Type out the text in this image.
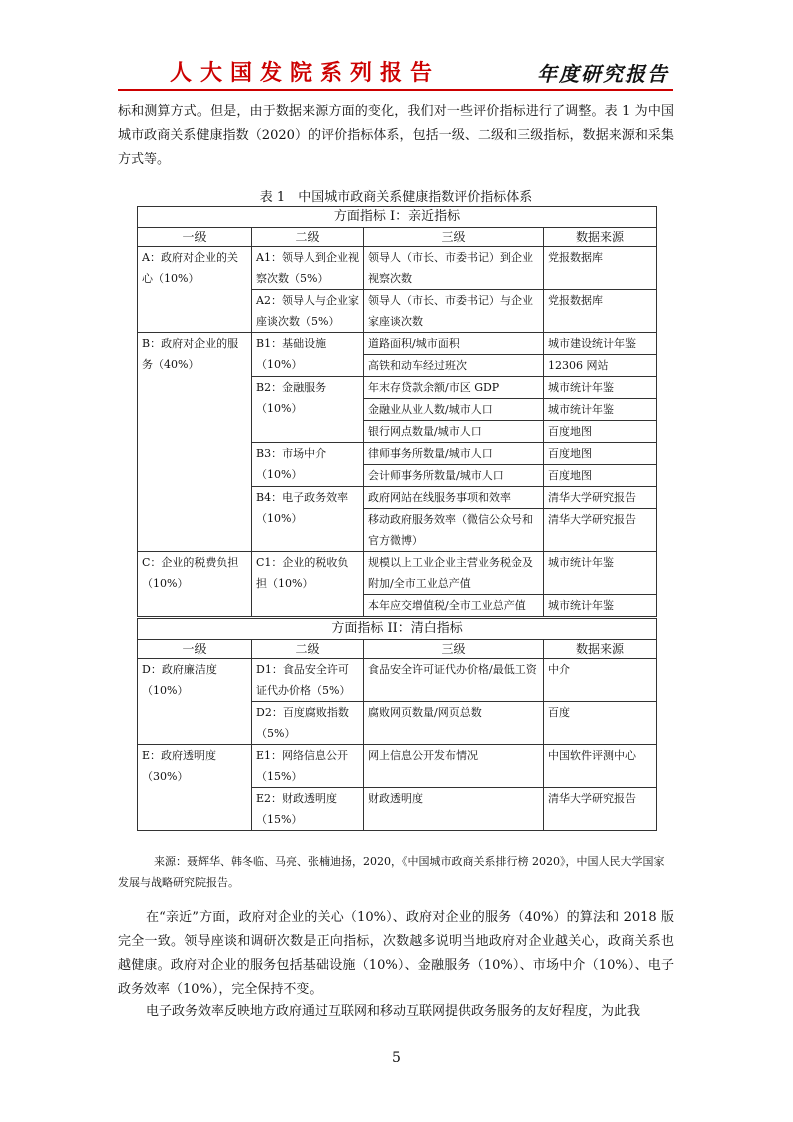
人大国发院系列报告	年度研究报告

标和测算方式。但是，由于数据来源方面的变化，我们对一些评价指标进行了调整。表 1 为中国城市政商关系健康指数（2020）的评价指标体系，包括一级、二级和三级指标，数据来源和采集方式等。

表 1　中国城市政商关系健康指数评价指标体系
方面指标 I：亲近指标			
一级	二级	三级	数据来源
A：政府对企业的关心（10%）	A1：领导人到企业视察次数（5%）	领导人（市长、市委书记）到企业视察次数	党报数据库
	A2：领导人与企业家座谈次数（5%）	领导人（市长、市委书记）与企业家座谈次数	党报数据库
B：政府对企业的服务（40%）	B1：基础设施（10%）	道路面积/城市面积	城市建设统计年鉴
		高铁和动车经过班次	12306 网站
	B2：金融服务（10%）	年末存贷款余额/市区 GDP	城市统计年鉴
		金融业从业人数/城市人口	城市统计年鉴
		银行网点数量/城市人口	百度地图
	B3：市场中介（10%）	律师事务所数量/城市人口	百度地图
		会计师事务所数量/城市人口	百度地图
	B4：电子政务效率（10%）	政府网站在线服务事项和效率	清华大学研究报告
		移动政府服务效率（微信公众号和官方微博）	清华大学研究报告
C：企业的税费负担（10%）	C1：企业的税收负担（10%）	规模以上工业企业主营业务税金及附加/全市工业总产值	城市统计年鉴
		本年应交增值税/全市工业总产值	城市统计年鉴
方面指标 II：清白指标			
一级	二级	三级	数据来源
D：政府廉洁度（10%）	D1：食品安全许可证代办价格（5%）	食品安全许可证代办价格/最低工资	中介
	D2：百度腐败指数（5%）	腐败网页数量/网页总数	百度
E：政府透明度（30%）	E1：网络信息公开（15%）	网上信息公开发布情况	中国软件评测中心
	E2：财政透明度（15%）	财政透明度	清华大学研究报告

来源：聂辉华、韩冬临、马亮、张楠迪扬，2020，《中国城市政商关系排行榜 2020》，中国人民大学国家发展与战略研究院报告。

在“亲近”方面，政府对企业的关心（10%）、政府对企业的服务（40%）的算法和 2018 版完全一致。领导座谈和调研次数是正向指标，次数越多说明当地政府对企业越关心，政商关系也越健康。政府对企业的服务包括基础设施（10%）、金融服务（10%）、市场中介（10%）、电子政务效率（10%），完全保持不变。

电子政务效率反映地方政府通过互联网和移动互联网提供政务服务的友好程度，为此我

5
